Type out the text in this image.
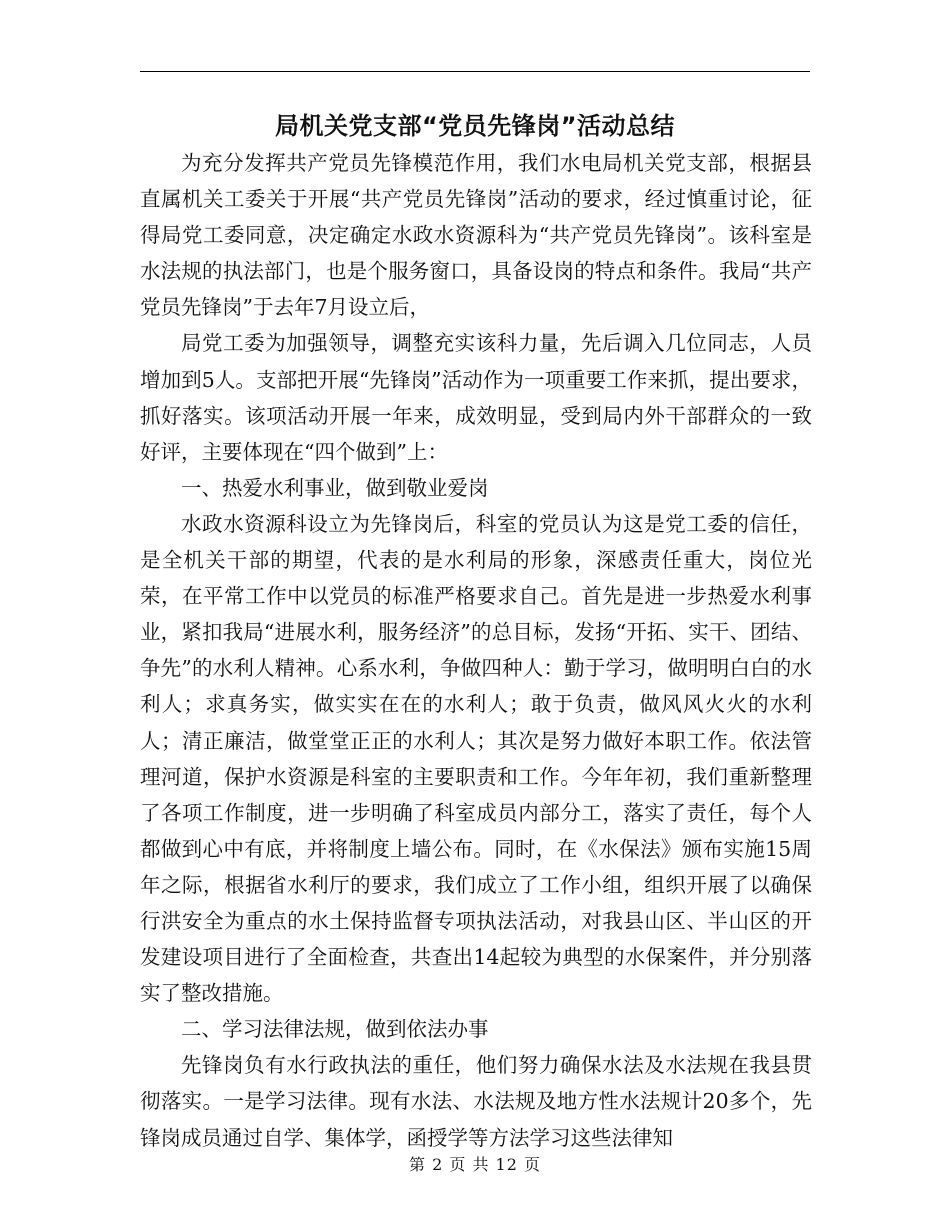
局机关党支部“党员先锋岗”活动总结

为充分发挥共产党员先锋模范作用，我们水电局机关党支部，根据县直属机关工委关于开展“共产党员先锋岗”活动的要求，经过慎重讨论，征得局党工委同意，决定确定水政水资源科为“共产党员先锋岗”。该科室是水法规的执法部门，也是个服务窗口，具备设岗的特点和条件。我局“共产党员先锋岗”于去年7月设立后，

局党工委为加强领导，调整充实该科力量，先后调入几位同志，人员增加到5人。支部把开展“先锋岗”活动作为一项重要工作来抓，提出要求，抓好落实。该项活动开展一年来，成效明显，受到局内外干部群众的一致好评，主要体现在“四个做到”上：

一、热爱水利事业，做到敬业爱岗

水政水资源科设立为先锋岗后，科室的党员认为这是党工委的信任，是全机关干部的期望，代表的是水利局的形象，深感责任重大，岗位光荣，在平常工作中以党员的标准严格要求自己。首先是进一步热爱水利事业，紧扣我局“进展水利，服务经济”的总目标，发扬“开拓、实干、团结、争先”的水利人精神。心系水利，争做四种人：勤于学习，做明明白白的水利人；求真务实，做实实在在的水利人；敢于负责，做风风火火的水利人；清正廉洁，做堂堂正正的水利人；其次是努力做好本职工作。依法管理河道，保护水资源是科室的主要职责和工作。今年年初，我们重新整理了各项工作制度，进一步明确了科室成员内部分工，落实了责任，每个人都做到心中有底，并将制度上墙公布。同时，在《水保法》颁布实施15周年之际，根据省水利厅的要求，我们成立了工作小组，组织开展了以确保行洪安全为重点的水土保持监督专项执法活动，对我县山区、半山区的开发建设项目进行了全面检查，共查出14起较为典型的水保案件，并分别落实了整改措施。

二、学习法律法规，做到依法办事

先锋岗负有水行政执法的重任，他们努力确保水法及水法规在我县贯彻落实。一是学习法律。现有水法、水法规及地方性水法规计20多个，先锋岗成员通过自学、集体学，函授学等方法学习这些法律知

第 2 页 共 12 页
